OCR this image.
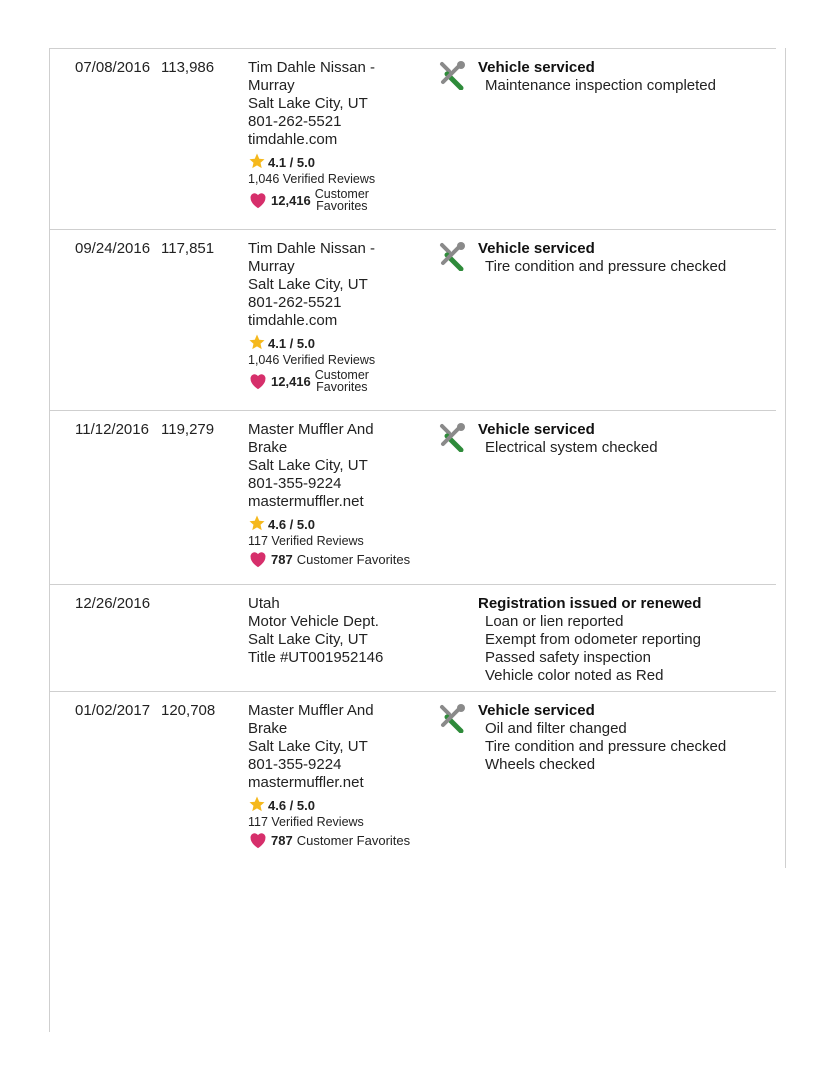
07/08/2016 113,986 Tim Dahle Nissan -
Murray
Salt Lake City, UT
801-262-5521
timdahle.com
4.1 / 5.0
1,046 Verified Reviews
12,416 Customer
Favorites
Vehicle serviced
Maintenance inspection completed
09/24/2016 117,851 Tim Dahle Nissan -
Murray
Salt Lake City, UT
801-262-5521
timdahle.com
4.1 / 5.0
1,046 Verified Reviews
12,416 Customer
Favorites
Vehicle serviced
Tire condition and pressure checked
11/12/2016 119,279 Master Muffler And
Brake
Salt Lake City, UT
801-355-9224
mastermuffler.net
4.6 / 5.0
117 Verified Reviews
787 Customer Favorites
Vehicle serviced
Electrical system checked
12/26/2016	Utah
Motor Vehicle Dept.
Salt Lake City, UT
Title #UT001952146
Registration issued or renewed
Loan or lien reported
Exempt from odometer reporting
Passed safety inspection
Vehicle color noted as Red
01/02/2017 120,708 Master Muffler And
Brake
Salt Lake City, UT
801-355-9224
mastermuffler.net
4.6 / 5.0
117 Verified Reviews
787 Customer Favorites
Vehicle serviced
Oil and filter changed
Tire condition and pressure checked
Wheels checked
